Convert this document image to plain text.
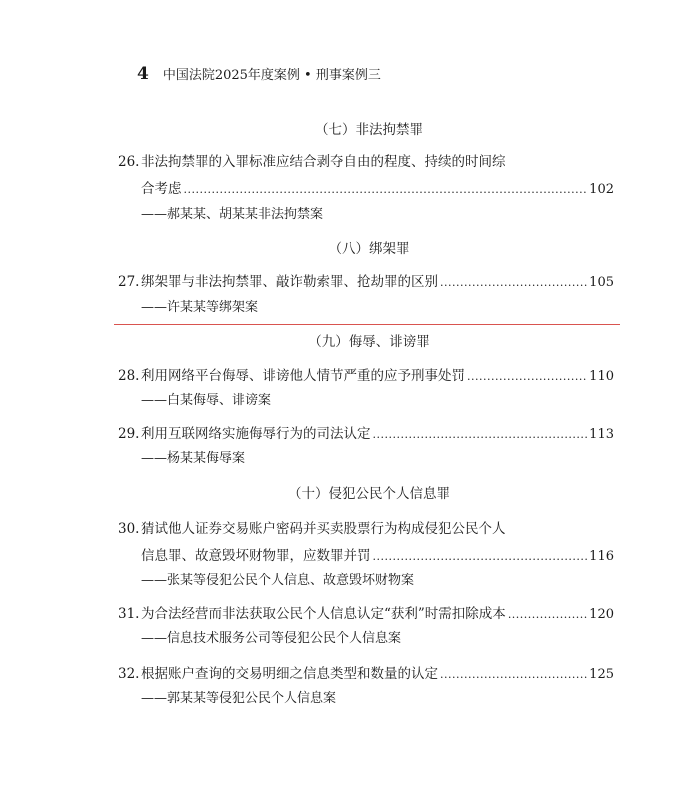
4 中国法院2025年度案例 • 刑事案例三
（七）非法拘禁罪
26. 非法拘禁罪的入罪标准应结合剥夺自由的程度、持续的时间综
合考虑 .....	102
——郝某某、胡某某非法拘禁案
（八）绑架罪
27. 绑架罪与非法拘禁罪、敲诈勒索罪、抢劫罪的区别 .....	105
——许某某等绑架案
（九）侮辱、诽谤罪
28. 利用网络平台侮辱、诽谤他人情节严重的应予刑事处罚 .....	110
——白某侮辱、诽谤案
29. 利用互联网络实施侮辱行为的司法认定 .....	113
——杨某某侮辱案
（十）侵犯公民个人信息罪
30. 猜试他人证券交易账户密码并买卖股票行为构成侵犯公民个人
信息罪、故意毁坏财物罪，应数罪并罚 .....	116
——张某等侵犯公民个人信息、故意毁坏财物案
31. 为合法经营而非法获取公民个人信息认定“获利”时需扣除成本 .....	120
——信息技术服务公司等侵犯公民个人信息案
32. 根据账户查询的交易明细之信息类型和数量的认定 .....	125
——郭某某等侵犯公民个人信息案
